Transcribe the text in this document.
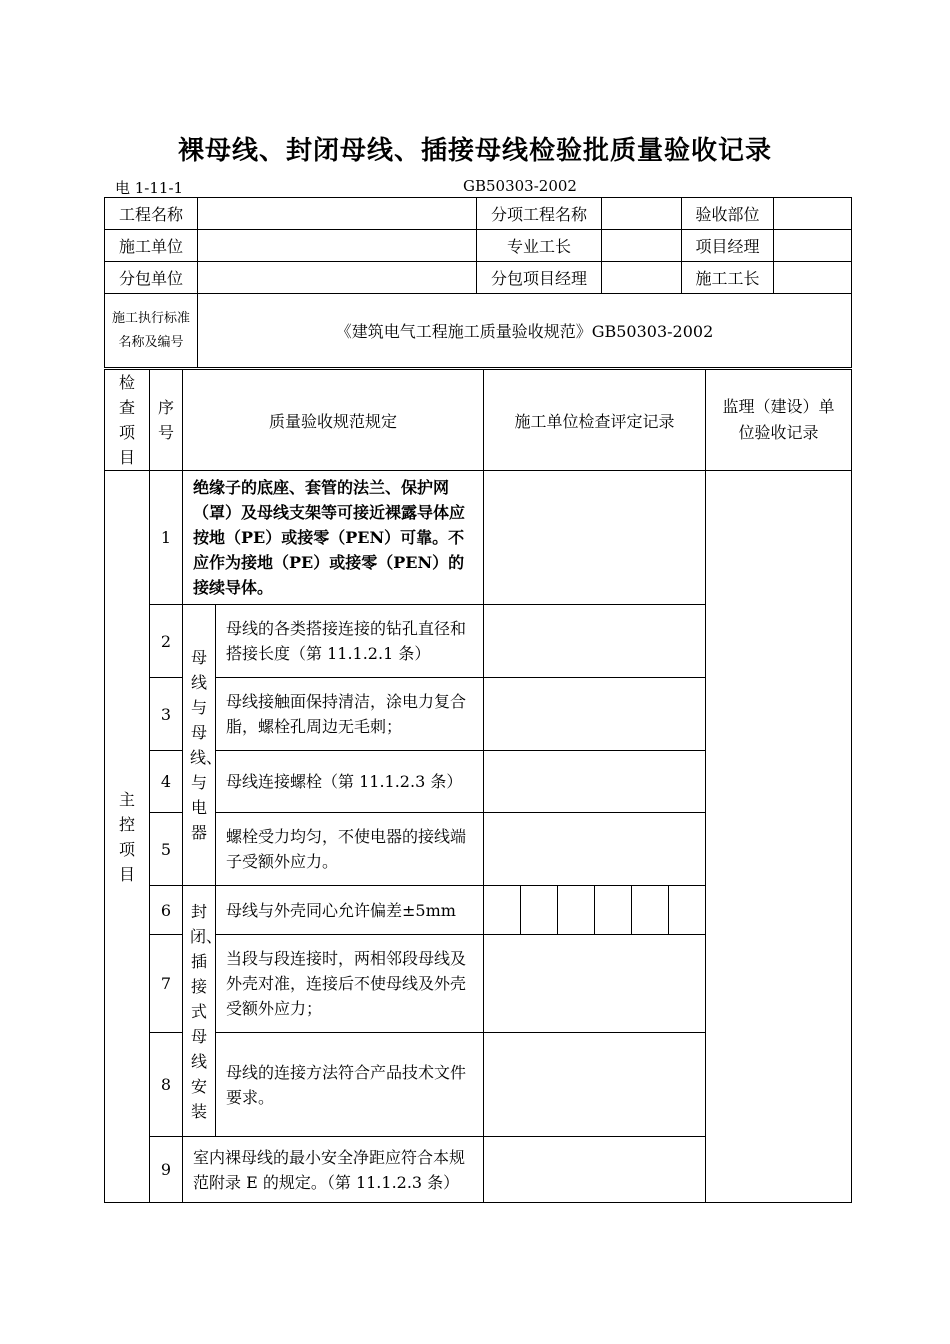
裸母线、封闭母线、插接母线检验批质量验收记录
电 1-11-1	GB50303-2002
工程名称		分项工程名称		验收部位	
施工单位		专业工长		项目经理	
分包单位		分包项目经理		施工工长	
施工执行标准名称及编号	《建筑电气工程施工质量验收规范》GB50303-2002				
检查项目	序号	质量验收规范规定		施工单位检查评定记录						监理（建设）单位验收记录
主控项目	1	绝缘子的底座、套管的法兰、保护网（罩）及母线支架等可接近裸露导体应按地（PE）或接零（PEN）可靠。不应作为接地（PE）或接零（PEN）的接续导体。								
	2	母线与母线、与电器	母线的各类搭接连接的钻孔直径和搭接长度（第 11.1.2.1 条）							
	3		母线接触面保持清洁，涂电力复合脂，螺栓孔周边无毛刺；							
	4		母线连接螺栓（第 11.1.2.3 条）							
	5		螺栓受力均匀，不使电器的接线端子受额外应力。							
	6	封闭、插接式母线安装	母线与外壳同心允许偏差±5mm							
	7		当段与段连接时，两相邻段母线及外壳对准，连接后不使母线及外壳受额外应力；							
	8		母线的连接方法符合产品技术文件要求。							
	9	室内裸母线的最小安全净距应符合本规范附录 E 的规定。（第 11.1.2.3 条）								
